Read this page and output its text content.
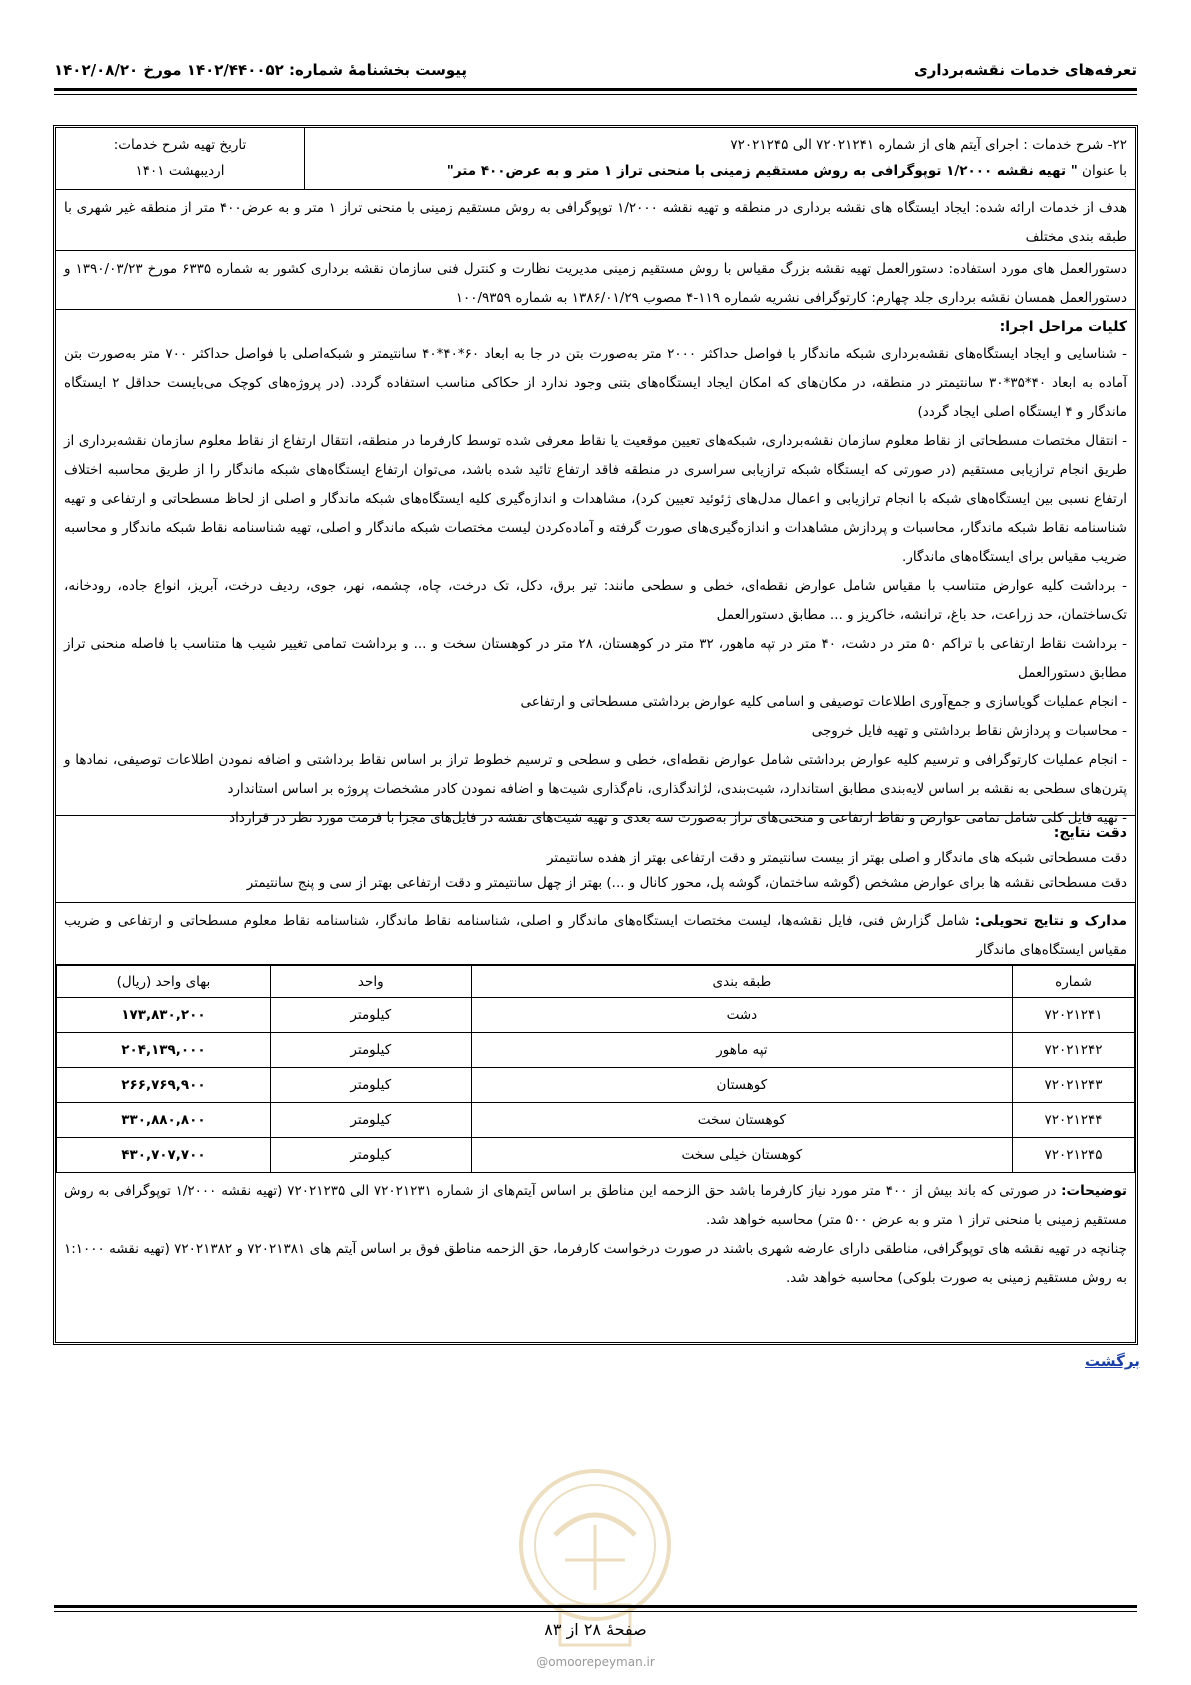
تعرفه‌های خدمات نقشه‌برداری
پیوست بخشنامهٔ شماره: ۱۴۰۲/۴۴۰۰۵۲ مورخ ۱۴۰۲/۰۸/۲۰

۲۲- شرح خدمات : اجرای آیتم های از شماره ۷۲۰۲۱۲۴۱ الی ۷۲۰۲۱۲۴۵

با عنوان " تهیه نقشه ۱/۲۰۰۰ توپوگرافی به روش مستقیم زمینی با منحنی تراز ۱ متر و به عرض۴۰۰ متر"

تاریخ تهیه شرح خدمات:

اردیبهشت ۱۴۰۱

هدف از خدمات ارائه شده: ایجاد ایستگاه های نقشه برداری در منطقه و تهیه نقشه ۱/۲۰۰۰ توپوگرافی به روش مستقیم زمینی با منحنی تراز ۱ متر و به عرض۴۰۰ متر از منطقه غیر شهری با طبقه بندی مختلف
دستورالعمل های مورد استفاده: دستورالعمل تهیه نقشه بزرگ مقیاس با روش مستقیم زمینی مدیریت نظارت و کنترل فنی سازمان نقشه برداری کشور به شماره ۶۳۳۵ مورخ ۱۳۹۰/۰۳/۲۳ و دستورالعمل همسان نقشه برداری جلد چهارم: کارتوگرافی نشریه شماره ۱۱۹-۴ مصوب ۱۳۸۶/۰۱/۲۹ به شماره ۱۰۰/۹۳۵۹

کلیات مراحل اجرا:

- شناسایی و ایجاد ایستگاه‌های نقشه‌برداری شبکه ماندگار با فواصل حداکثر ۲۰۰۰ متر به‌صورت بتن در جا به ابعاد ۶۰*۴۰*۴۰ سانتیمتر و شبکه‌اصلی با فواصل حداکثر ۷۰۰ متر به‌صورت بتن آماده به ابعاد ۴۰*۳۵*۳۰ سانتیمتر در منطقه، در مکان‌های که امکان ایجاد ایستگاه‌های بتنی وجود ندارد از حکاکی مناسب استفاده گردد. (در پروژه‌های کوچک می‌بایست حداقل ۲ ایستگاه ماندگار و ۴ ایستگاه اصلی ایجاد گردد)

- انتقال مختصات مسطحاتی از نقاط معلوم سازمان نقشه‌برداری، شبکه‌های تعیین موقعیت یا نقاط معرفی شده توسط کارفرما در منطقه، انتقال ارتفاع از نقاط معلوم سازمان نقشه‌برداری از طریق انجام ترازیابی مستقیم (در صورتی که ایستگاه شبکه ترازیابی سراسری در منطقه فاقد ارتفاع تائید شده باشد، می‌توان ارتفاع ایستگاه‌های شبکه ماندگار را از طریق محاسبه اختلاف ارتفاع نسبی بین ایستگاه‌های شبکه با انجام ترازیابی و اعمال مدل‌های ژئوئید تعیین کرد)، مشاهدات و اندازه‌گیری کلیه ایستگاه‌های شبکه ماندگار و اصلی از لحاظ مسطحاتی و ارتفاعی و تهیه شناسنامه نقاط شبکه ماندگار، محاسبات و پردازش مشاهدات و اندازه‌گیری‌های صورت گرفته و آماده‌کردن لیست مختصات شبکه ماندگار و اصلی، تهیه شناسنامه نقاط شبکه ماندگار و محاسبه ضریب مقیاس برای ایستگاه‌های ماندگار.

- برداشت کلیه عوارض متناسب با مقیاس شامل عوارض نقطه‌ای، خطی و سطحی مانند: تیر برق، دکل، تک درخت، چاه، چشمه، نهر، جوی، ردیف درخت، آبریز، انواع جاده، رودخانه، تک‌ساختمان، حد زراعت، حد باغ، ترانشه، خاکریز و ... مطابق دستورالعمل

- برداشت نقاط ارتفاعی با تراکم ۵۰ متر در دشت، ۴۰ متر در تپه ماهور، ۳۲ متر در کوهستان، ۲۸ متر در کوهستان سخت و ... و برداشت تمامی تغییر شیب ها متناسب با فاصله منحنی تراز مطابق دستورالعمل

- انجام عملیات گویاسازی و جمع‌آوری اطلاعات توصیفی و اسامی کلیه عوارض برداشتی مسطحاتی و ارتفاعی

- محاسبات و پردازش نقاط برداشتی و تهیه فایل خروجی

- انجام عملیات کارتوگرافی و ترسیم کلیه عوارض برداشتی شامل عوارض نقطه‌ای، خطی و سطحی و ترسیم خطوط تراز بر اساس نقاط برداشتی و اضافه نمودن اطلاعات توصیفی، نمادها و پترن‌های سطحی به نقشه بر اساس لایه‌بندی مطابق استاندارد، شیت‌بندی، لژاندگذاری، نام‌گذاری شیت‌ها و اضافه نمودن کادر مشخصات پروژه بر اساس استاندارد

- تهیه فایل کلی شامل تمامی عوارض و نقاط ارتفاعی و منحنی‌های تراز به‌صورت سه بعدی و تهیه شیت‌های نقشه در فایل‌های مجزا با فرمت مورد نظر در قرارداد

دقت نتایج:

دقت مسطحاتی شبکه های ماندگار و اصلی بهتر از بیست سانتیمتر و دقت ارتفاعی بهتر از هفده سانتیمتر

دقت مسطحاتی نقشه ها برای عوارض مشخص (گوشه ساختمان، گوشه پل، محور کانال و ...) بهتر از چهل سانتیمتر و دقت ارتفاعی بهتر از سی و پنج سانتیمتر

مدارک و نتایج تحویلی: شامل گزارش فنی، فایل نقشه‌ها، لیست مختصات ایستگاه‌های ماندگار و اصلی، شناسنامه نقاط ماندگار، شناسنامه نقاط معلوم مسطحاتی و ارتفاعی و ضریب مقیاس ایستگاه‌های ماندگار
شماره	طبقه بندی	واحد	بهای واحد (ریال)
۷۲۰۲۱۲۴۱	دشت	کیلومتر	۱۷۳,۸۳۰,۲۰۰
۷۲۰۲۱۲۴۲	تپه ماهور	کیلومتر	۲۰۴,۱۳۹,۰۰۰
۷۲۰۲۱۲۴۳	کوهستان	کیلومتر	۲۶۶,۷۶۹,۹۰۰
۷۲۰۲۱۲۴۴	کوهستان سخت	کیلومتر	۳۳۰,۸۸۰,۸۰۰
۷۲۰۲۱۲۴۵	کوهستان خیلی سخت	کیلومتر	۴۳۰,۷۰۷,۷۰۰

توضیحات: در صورتی که باند بیش از ۴۰۰ متر مورد نیاز کارفرما باشد حق الزحمه این مناطق بر اساس آیتم‌های از شماره ۷۲۰۲۱۲۳۱ الی ۷۲۰۲۱۲۳۵ (تهیه نقشه ۱/۲۰۰۰ توپوگرافی به روش مستقیم زمینی با منحنی تراز ۱ متر و به عرض ۵۰۰ متر) محاسبه خواهد شد.

چنانچه در تهیه نقشه های توپوگرافی، مناطقی دارای عارضه شهری باشند در صورت درخواست کارفرما، حق الزحمه مناطق فوق بر اساس آیتم های ۷۲۰۲۱۳۸۱ و ۷۲۰۲۱۳۸۲ (تهیه نقشه ۱:۱۰۰۰ به روش مستقیم زمینی به صورت بلوکی) محاسبه خواهد شد.

برگشت
صفحهٔ ۲۸ از ۸۳
@omoorepeyman.ir
